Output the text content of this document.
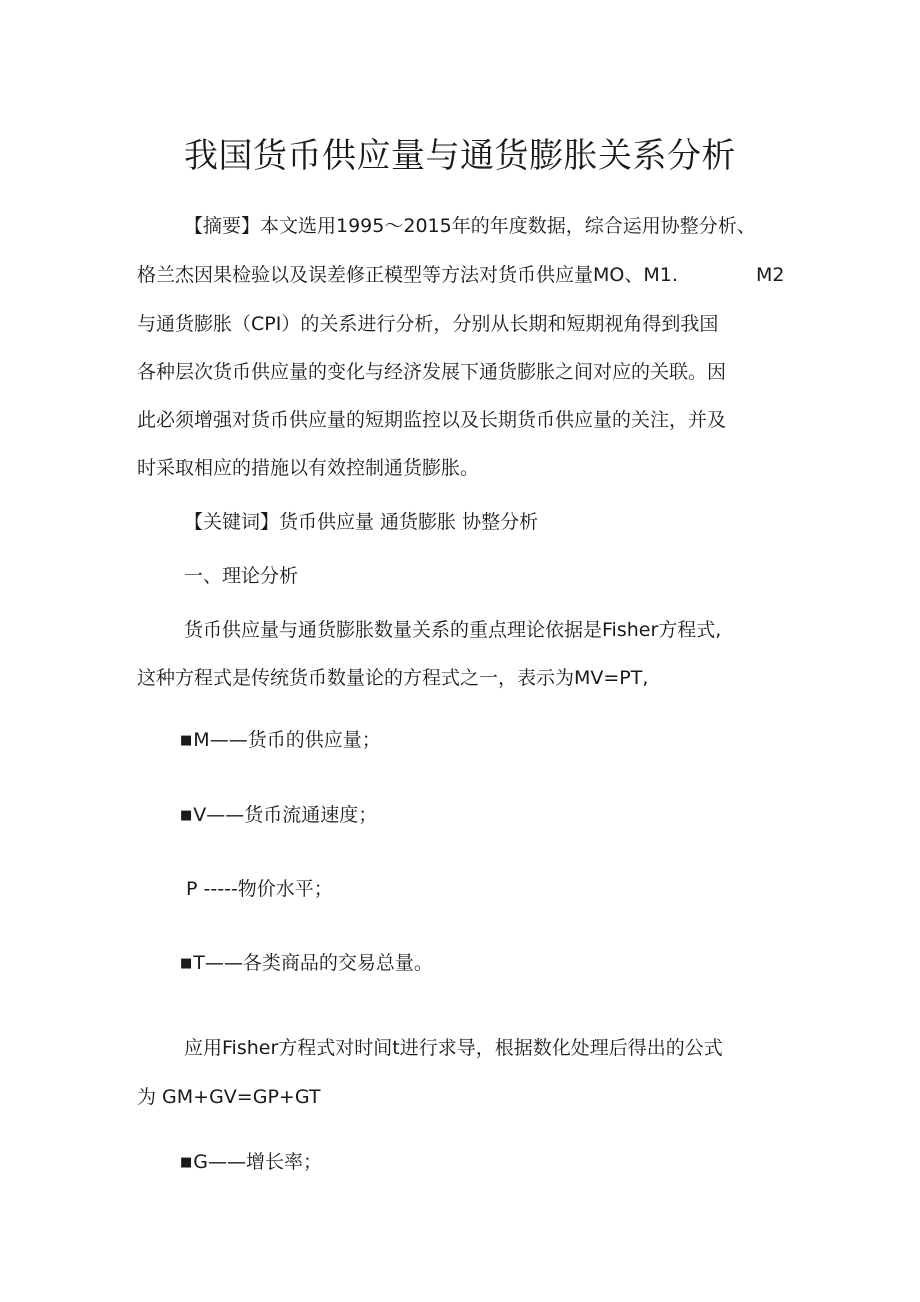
我国货币供应量与通货膨胀关系分析

【摘要】本文选用1995～2015年的年度数据，综合运用协整分析、

格兰杰因果检验以及误差修正模型等方法对货币供应量MO、M1.	M2

与通货膨胀（CPI）的关系进行分析，分别从长期和短期视角得到我国

各种层次货币供应量的变化与经济发展下通货膨胀之间对应的关联。因

此必须增强对货币供应量的短期监控以及长期货币供应量的关注，并及

时采取相应的措施以有效控制通货膨胀。

【关键词】货币供应量 通货膨胀 协整分析

一、理论分析

货币供应量与通货膨胀数量关系的重点理论依据是Fisher方程式,

这种方程式是传统货币数量论的方程式之一，表示为MV=PT,

■M——货币的供应量；

■V——货币流通速度；

P -----物价水平；

■T——各类商品的交易总量。

应用Fisher方程式对时间t进行求导，根据数化处理后得出的公式

为 GM+GV=GP+GT

■G——增长率；
